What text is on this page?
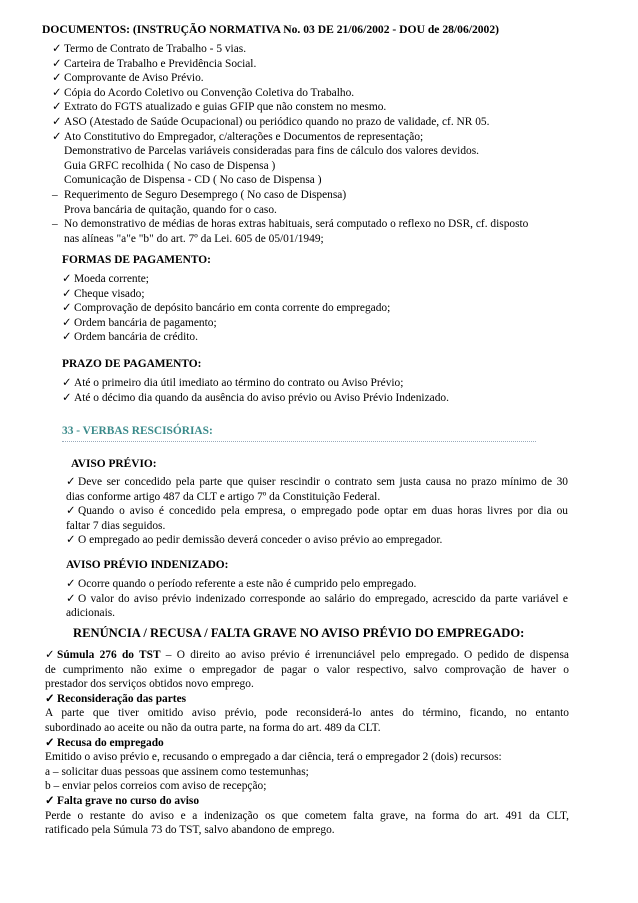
DOCUMENTOS: (INSTRUÇÃO NORMATIVA No. 03 DE 21/06/2002 - DOU de 28/06/2002)
✓ Termo de Contrato de Trabalho - 5 vias.
✓ Carteira de Trabalho e Previdência Social.
✓ Comprovante de Aviso Prévio.
✓ Cópia do Acordo Coletivo ou Convenção Coletiva do Trabalho.
✓ Extrato do FGTS atualizado e guias GFIP que não constem no mesmo.
✓ ASO (Atestado de Saúde Ocupacional) ou periódico quando no prazo de validade, cf. NR 05.
✓ Ato Constitutivo do Empregador, c/alterações e Documentos de representação;
Demonstrativo de Parcelas variáveis consideradas para fins de cálculo dos valores devidos.
Guia GRFC recolhida ( No caso de Dispensa )
Comunicação de Dispensa - CD ( No caso de Dispensa )
– Requerimento de Seguro Desemprego ( No caso de Dispensa)
Prova bancária de quitação, quando for o caso.
– No demonstrativo de médias de horas extras habituais, será computado o reflexo no DSR, cf. disposto
nas alíneas "a"e "b" do art. 7º da Lei. 605 de 05/01/1949;
FORMAS DE PAGAMENTO:
✓ Moeda corrente;
✓ Cheque visado;
✓ Comprovação de depósito bancário em conta corrente do empregado;
✓ Ordem bancária de pagamento;
✓ Ordem bancária de crédito.
PRAZO DE PAGAMENTO:
✓ Até o primeiro dia útil imediato ao término do contrato ou Aviso Prévio;
✓ Até o décimo dia quando da ausência do aviso prévio ou Aviso Prévio Indenizado.
33 - VERBAS RESCISÓRIAS:
AVISO PRÉVIO:
✓ Deve ser concedido pela parte que quiser rescindir o contrato sem justa causa no prazo mínimo de 30
dias conforme artigo 487 da CLT e artigo 7º da Constituição Federal.
✓ Quando o aviso é concedido pela empresa, o empregado pode optar em duas horas livres por dia ou
faltar 7 dias seguidos.
✓ O empregado ao pedir demissão deverá conceder o aviso prévio ao empregador.
AVISO PRÉVIO INDENIZADO:
✓ Ocorre quando o período referente a este não é cumprido pelo empregado.
✓ O valor do aviso prévio indenizado corresponde ao salário do empregado, acrescido da parte variável e
adicionais.
RENÚNCIA / RECUSA / FALTA GRAVE NO AVISO PRÉVIO DO EMPREGADO:
✓ Súmula 276 do TST – O direito ao aviso prévio é irrenunciável pelo empregado. O pedido de dispensa
de cumprimento não exime o empregador de pagar o valor respectivo, salvo comprovação de haver o
prestador dos serviços obtidos novo emprego.
✓ Reconsideração das partes
A parte que tiver omitido aviso prévio, pode reconsiderá-lo antes do término, ficando, no entanto
subordinado ao aceite ou não da outra parte, na forma do art. 489 da CLT.
✓ Recusa do empregado
Emitido o aviso prévio e, recusando o empregado a dar ciência, terá o empregador 2 (dois) recursos:
a – solicitar duas pessoas que assinem como testemunhas;
b – enviar pelos correios com aviso de recepção;
✓ Falta grave no curso do aviso
Perde o restante do aviso e a indenização os que cometem falta grave, na forma do art. 491 da CLT,
ratificado pela Súmula 73 do TST, salvo abandono de emprego.
